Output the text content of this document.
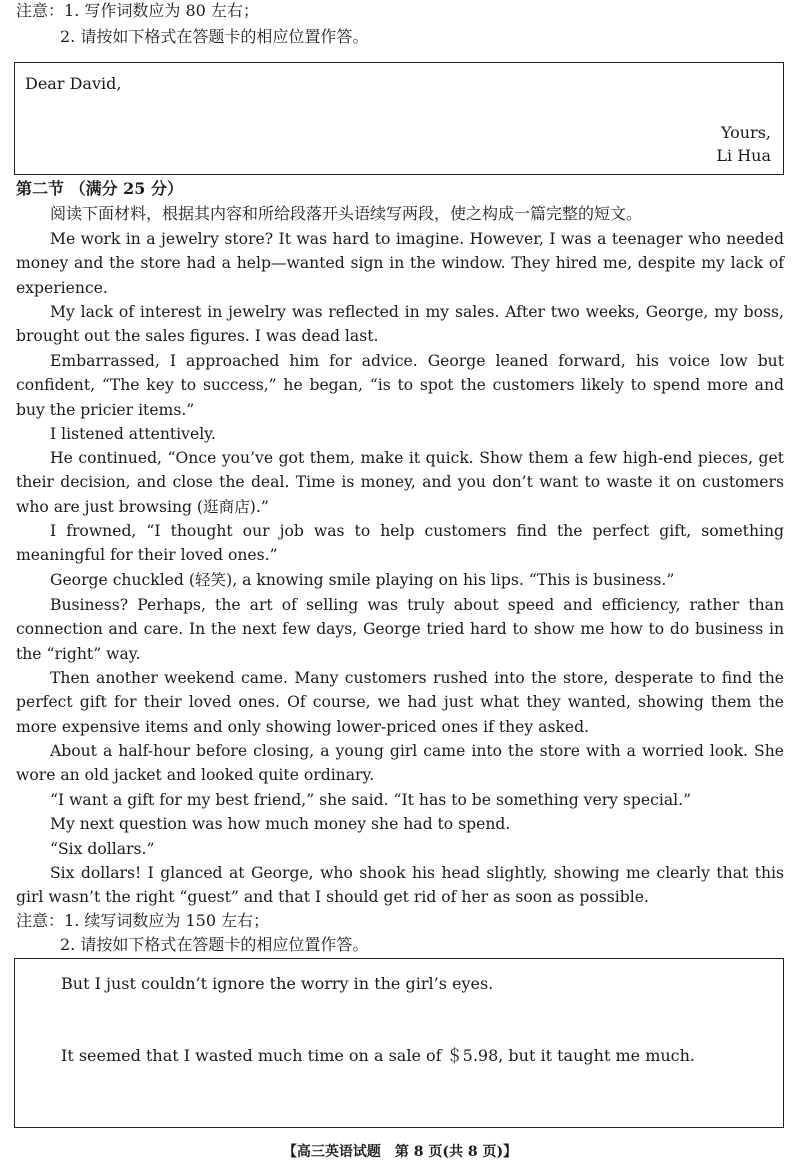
注意：1. 写作词数应为 80 左右；
2. 请按如下格式在答题卡的相应位置作答。
Dear David,
Yours,
Li Hua
第二节 （满分 25 分）
阅读下面材料，根据其内容和所给段落开头语续写两段，使之构成一篇完整的短文。
Me work in a jewelry store? It was hard to imagine. However, I was a teenager who needed money and the store had a help—wanted sign in the window. They hired me, despite my lack of experience.
My lack of interest in jewelry was reflected in my sales. After two weeks, George, my boss, brought out the sales figures. I was dead last.
Embarrassed, I approached him for advice. George leaned forward, his voice low but confident, “The key to success,” he began, “is to spot the customers likely to spend more and buy the pricier items.”
I listened attentively.
He continued, “Once you’ve got them, make it quick. Show them a few high-end pieces, get their decision, and close the deal. Time is money, and you don’t want to waste it on customers who are just browsing (逛商店).”
I frowned, “I thought our job was to help customers find the perfect gift, something meaningful for their loved ones.”
George chuckled (轻笑), a knowing smile playing on his lips. “This is business.”
Business? Perhaps, the art of selling was truly about speed and efficiency, rather than connection and care. In the next few days, George tried hard to show me how to do business in the “right” way.
Then another weekend came. Many customers rushed into the store, desperate to find the perfect gift for their loved ones. Of course, we had just what they wanted, showing them the more expensive items and only showing lower-priced ones if they asked.
About a half-hour before closing, a young girl came into the store with a worried look. She wore an old jacket and looked quite ordinary.
“I want a gift for my best friend,” she said. “It has to be something very special.”
My next question was how much money she had to spend.
“Six dollars.”
Six dollars! I glanced at George, who shook his head slightly, showing me clearly that this girl wasn’t the right “guest” and that I should get rid of her as soon as possible.
注意：1. 续写词数应为 150 左右；
2. 请按如下格式在答题卡的相应位置作答。
But I just couldn’t ignore the worry in the girl’s eyes.
It seemed that I wasted much time on a sale of ＄5.98, but it taught me much.
【高三英语试题　第 8 页(共 8 页)】
